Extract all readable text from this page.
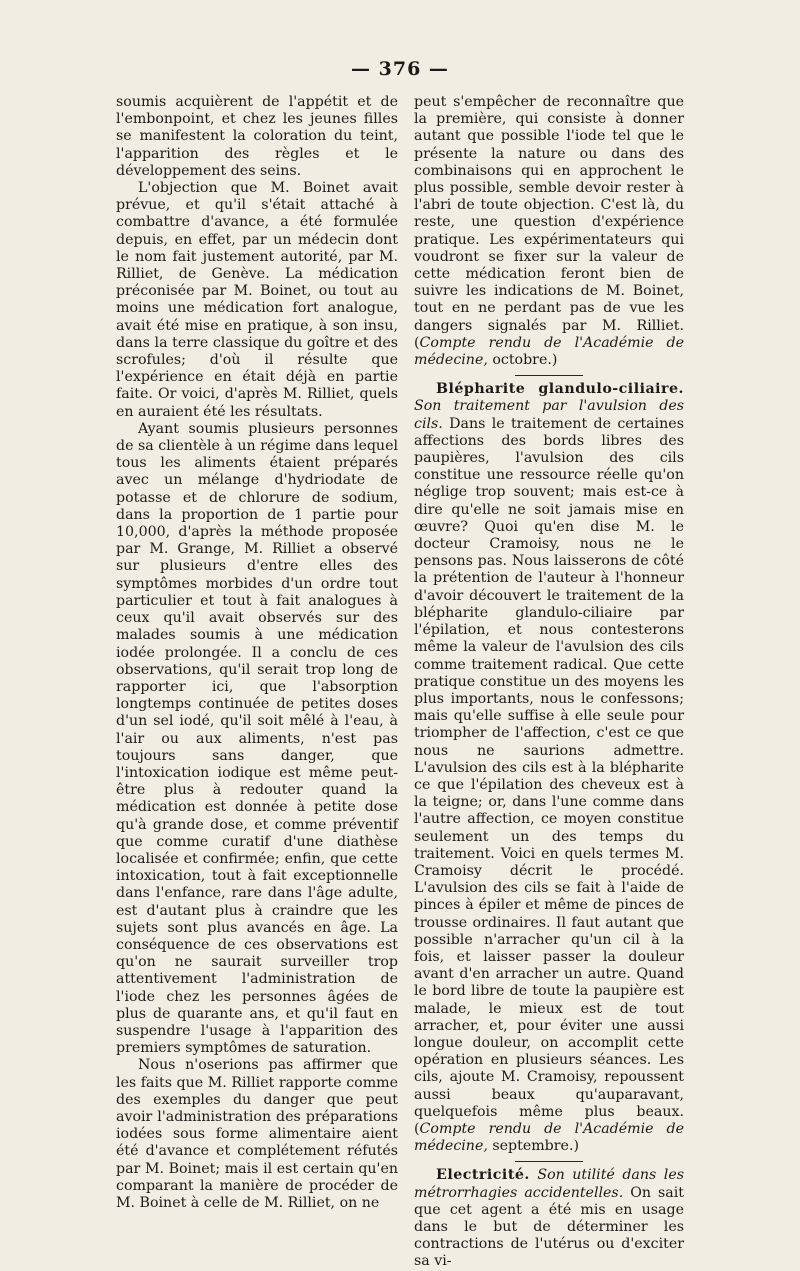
— 376 —

soumis acquièrent de l'appétit et de l'embonpoint, et chez les jeunes filles se manifestent la coloration du teint, l'apparition des règles et le développement des seins.

L'objection que M. Boinet avait prévue, et qu'il s'était attaché à combattre d'avance, a été formulée depuis, en effet, par un médecin dont le nom fait justement autorité, par M. Rilliet, de Genève. La médication préconisée par M. Boinet, ou tout au moins une médication fort analogue, avait été mise en pratique, à son insu, dans la terre classique du goître et des scrofules; d'où il résulte que l'expérience en était déjà en partie faite. Or voici, d'après M. Rilliet, quels en auraient été les résultats.

Ayant soumis plusieurs personnes de sa clientèle à un régime dans lequel tous les aliments étaient préparés avec un mélange d'hydriodate de potasse et de chlorure de sodium, dans la proportion de 1 partie pour 10,000, d'après la méthode proposée par M. Grange, M. Rilliet a observé sur plusieurs d'entre elles des symptômes morbides d'un ordre tout particulier et tout à fait analogues à ceux qu'il avait observés sur des malades soumis à une médication iodée prolongée. Il a conclu de ces observations, qu'il serait trop long de rapporter ici, que l'absorption longtemps continuée de petites doses d'un sel iodé, qu'il soit mêlé à l'eau, à l'air ou aux aliments, n'est pas toujours sans danger, que l'intoxication iodique est même peut-être plus à redouter quand la médication est donnée à petite dose qu'à grande dose, et comme préventif que comme curatif d'une diathèse localisée et confirmée; enfin, que cette intoxication, tout à fait exceptionnelle dans l'enfance, rare dans l'âge adulte, est d'autant plus à craindre que les sujets sont plus avancés en âge. La conséquence de ces observations est qu'on ne saurait surveiller trop attentivement l'administration de l'iode chez les personnes âgées de plus de quarante ans, et qu'il faut en suspendre l'usage à l'apparition des premiers symptômes de saturation.

Nous n'oserions pas affirmer que les faits que M. Rilliet rapporte comme des exemples du danger que peut avoir l'administration des préparations iodées sous forme alimentaire aient été d'avance et complétement réfutés par M. Boinet; mais il est certain qu'en comparant la manière de procéder de M. Boinet à celle de M. Rilliet, on ne

peut s'empêcher de reconnaître que la première, qui consiste à donner autant que possible l'iode tel que le présente la nature ou dans des combinaisons qui en approchent le plus possible, semble devoir rester à l'abri de toute objection. C'est là, du reste, une question d'expérience pratique. Les expérimentateurs qui voudront se fixer sur la valeur de cette médication feront bien de suivre les indications de M. Boinet, tout en ne perdant pas de vue les dangers signalés par M. Rilliet. (Compte rendu de l'Académie de médecine, octobre.)

Blépharite glandulo-ciliaire. Son traitement par l'avulsion des cils. Dans le traitement de certaines affections des bords libres des paupières, l'avulsion des cils constitue une ressource réelle qu'on néglige trop souvent; mais est-ce à dire qu'elle ne soit jamais mise en œuvre? Quoi qu'en dise M. le docteur Cramoisy, nous ne le pensons pas. Nous laisserons de côté la prétention de l'auteur à l'honneur d'avoir découvert le traitement de la blépharite glandulo-ciliaire par l'épilation, et nous contesterons même la valeur de l'avulsion des cils comme traitement radical. Que cette pratique constitue un des moyens les plus importants, nous le confessons; mais qu'elle suffise à elle seule pour triompher de l'affection, c'est ce que nous ne saurions admettre. L'avulsion des cils est à la blépharite ce que l'épilation des cheveux est à la teigne; or, dans l'une comme dans l'autre affection, ce moyen constitue seulement un des temps du traitement. Voici en quels termes M. Cramoisy décrit le procédé. L'avulsion des cils se fait à l'aide de pinces à épiler et même de pinces de trousse ordinaires. Il faut autant que possible n'arracher qu'un cil à la fois, et laisser passer la douleur avant d'en arracher un autre. Quand le bord libre de toute la paupière est malade, le mieux est de tout arracher, et, pour éviter une aussi longue douleur, on accomplit cette opération en plusieurs séances. Les cils, ajoute M. Cramoisy, repoussent aussi beaux qu'auparavant, quelquefois même plus beaux. (Compte rendu de l'Académie de médecine, septembre.)

Electricité. Son utilité dans les métrorrhagies accidentelles. On sait que cet agent a été mis en usage dans le but de déterminer les contractions de l'utérus ou d'exciter sa vi-
